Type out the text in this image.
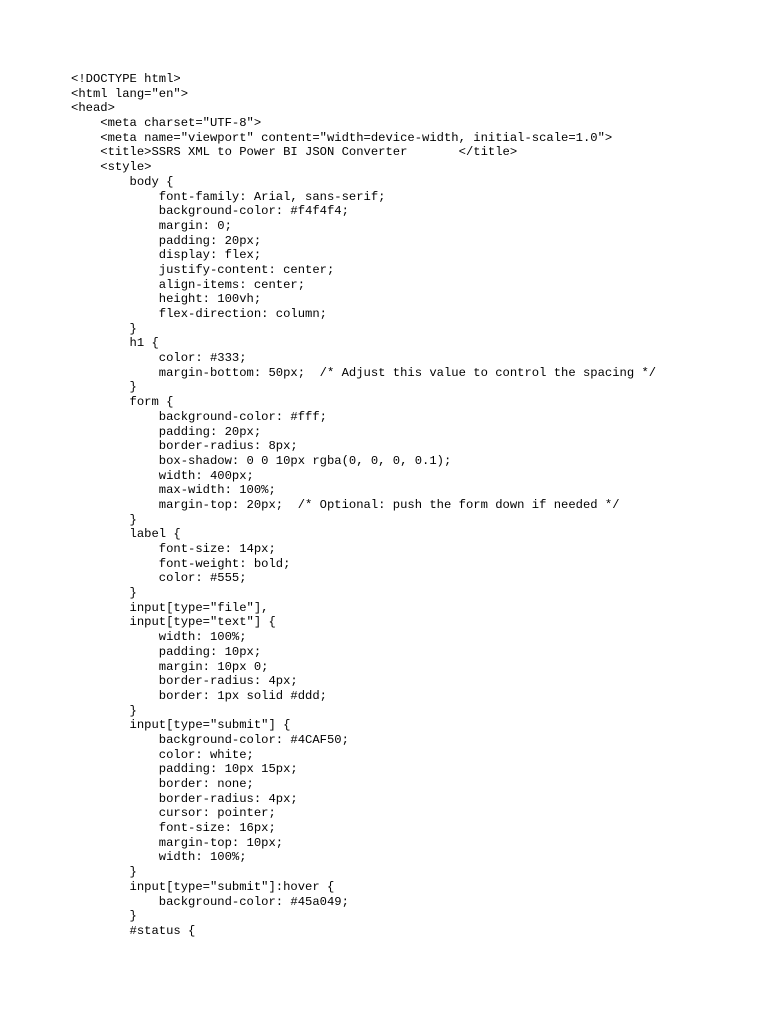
<!DOCTYPE html>
<html lang="en">
<head>
<meta charset="UTF-8">
<meta name="viewport" content="width=device-width, initial-scale=1.0">
<title>SSRS XML to Power BI JSON Converter       </title>
<style>
body {
font-family: Arial, sans-serif;
background-color: #f4f4f4;
margin: 0;
padding: 20px;
display: flex;
justify-content: center;
align-items: center;
height: 100vh;
flex-direction: column;
}
h1 {
color: #333;
margin-bottom: 50px;  /* Adjust this value to control the spacing */
}
form {
background-color: #fff;
padding: 20px;
border-radius: 8px;
box-shadow: 0 0 10px rgba(0, 0, 0, 0.1);
width: 400px;
max-width: 100%;
margin-top: 20px;  /* Optional: push the form down if needed */
}
label {
font-size: 14px;
font-weight: bold;
color: #555;
}
input[type="file"],
input[type="text"] {
width: 100%;
padding: 10px;
margin: 10px 0;
border-radius: 4px;
border: 1px solid #ddd;
}
input[type="submit"] {
background-color: #4CAF50;
color: white;
padding: 10px 15px;
border: none;
border-radius: 4px;
cursor: pointer;
font-size: 16px;
margin-top: 10px;
width: 100%;
}
input[type="submit"]:hover {
background-color: #45a049;
}
#status {
